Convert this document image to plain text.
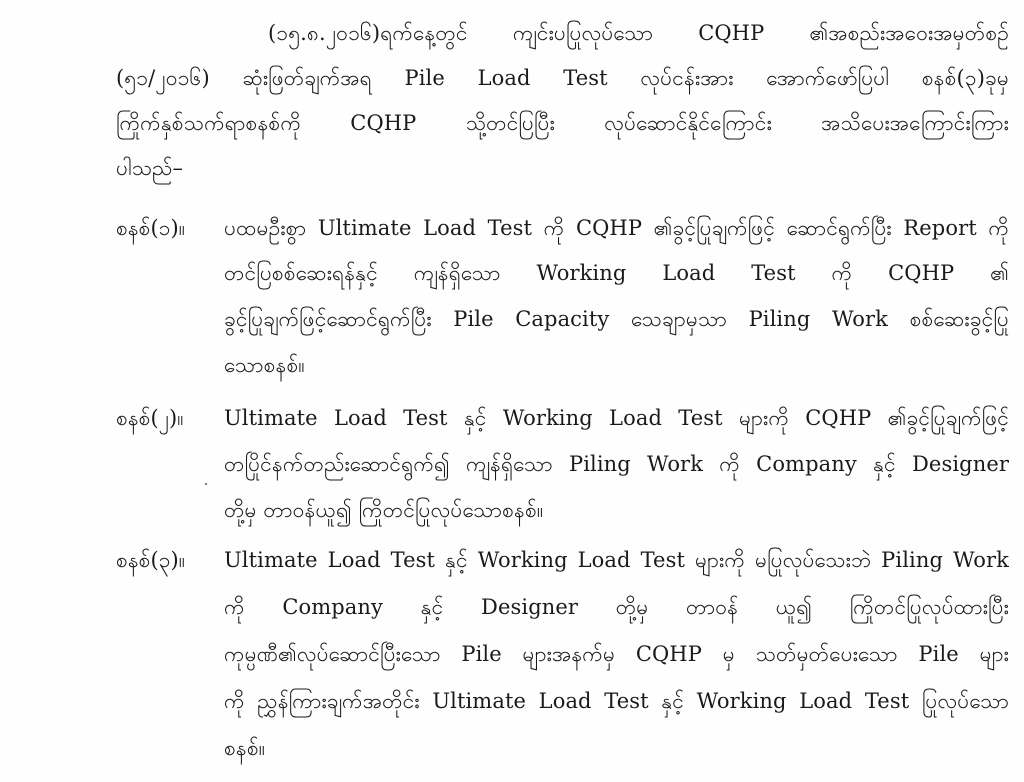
(၁၅.၈.၂၀၁၆)ရက်နေ့တွင် ကျင်းပပြုလုပ်သော CQHP ၏အစည်းအဝေးအမှတ်စဉ်
(၅၁/၂၀၁၆) ဆုံးဖြတ်ချက်အရ Pile Load Test လုပ်ငန်းအား အောက်ဖော်ပြပါ စနစ်(၃)ခုမှ
ကြိုက်နှစ်သက်ရာစနစ်ကို CQHP သို့တင်ပြပြီး လုပ်ဆောင်နိုင်ကြောင်း အသိပေးအကြောင်းကြား
ပါသည်–
စနစ်(၁)။ ပထမဦးစွာ Ultimate Load Test ကို CQHP ၏ခွင့်ပြုချက်ဖြင့် ဆောင်ရွက်ပြီး Report ကို
တင်ပြစစ်ဆေးရန်နှင့် ကျန်ရှိသော Working Load Test ကို CQHP ၏
ခွင့်ပြုချက်ဖြင့်ဆောင်ရွက်ပြီး Pile Capacity သေချာမှသာ Piling Work စစ်ဆေးခွင့်ပြု
သောစနစ်။
စနစ်(၂)။ Ultimate Load Test နှင့် Working Load Test များကို CQHP ၏ခွင့်ပြုချက်ဖြင့်
တပြိုင်နက်တည်းဆောင်ရွက်၍ ကျန်ရှိသော Piling Work ကို Company နှင့် Designer
တို့မှ တာဝန်ယူ၍ ကြိုတင်ပြုလုပ်သောစနစ်။
စနစ်(၃)။ Ultimate Load Test နှင့် Working Load Test များကို မပြုလုပ်သေးဘဲ Piling Work
ကို Company နှင့် Designer တို့မှ တာဝန် ယူ၍ ကြိုတင်ပြုလုပ်ထားပြီး
ကုမ္ပဏီ၏လုပ်ဆောင်ပြီးသော Pile များအနက်မှ CQHP မှ သတ်မှတ်ပေးသော Pile များ
ကို ညွှန်ကြားချက်အတိုင်း Ultimate Load Test နှင့် Working Load Test ပြုလုပ်သော
စနစ်။
